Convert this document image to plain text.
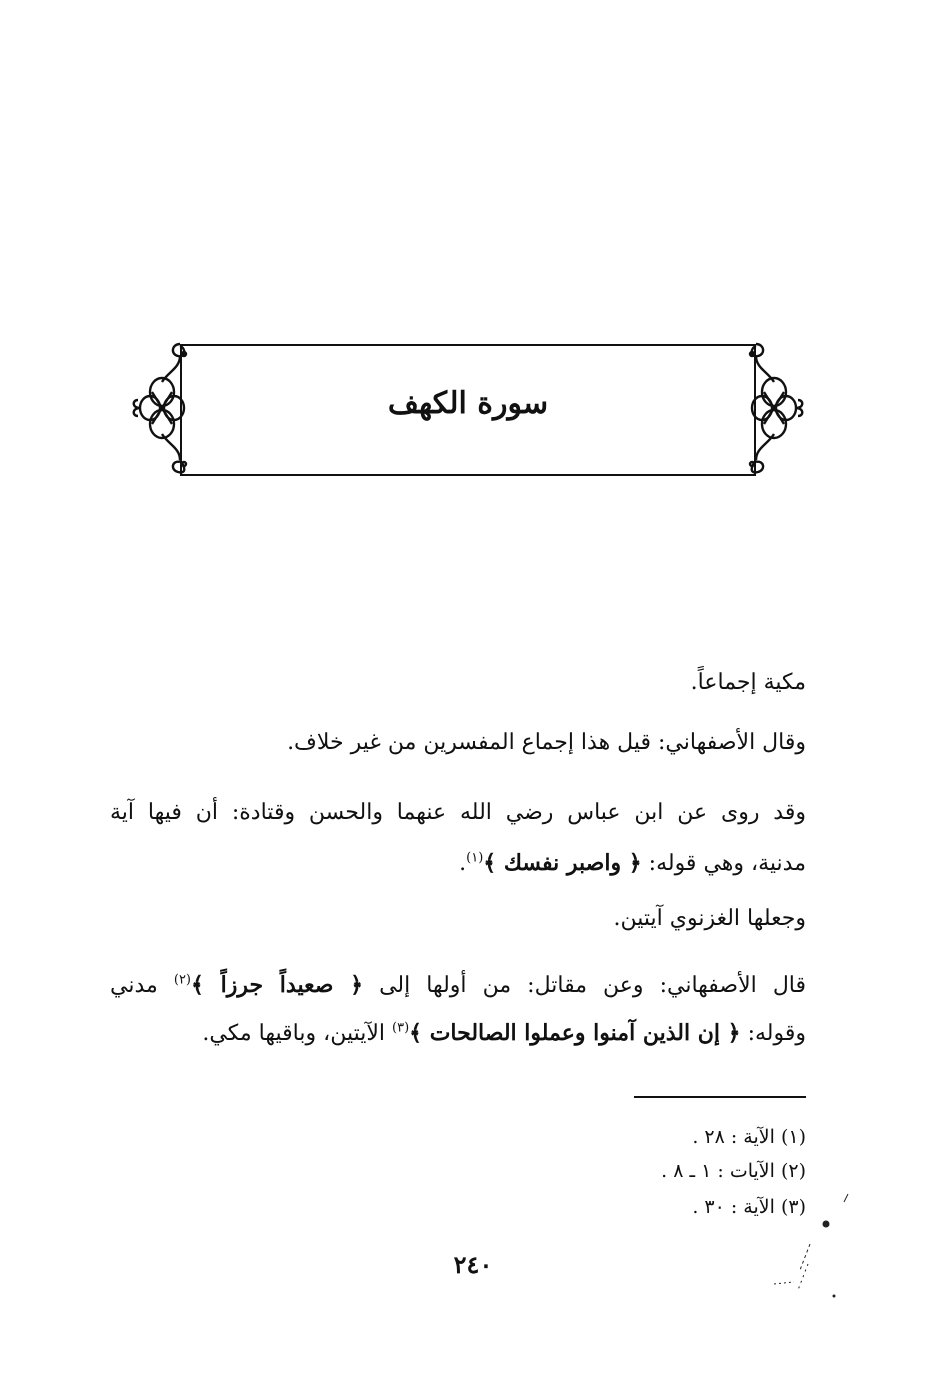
سورة الكهف
مكية إجماعاً.
وقال الأصفهاني: قيل هذا إجماع المفسرين من غير خلاف.
وقد روى عن ابن عباس رضي الله عنهما والحسن وقتادة: أن فيها آية
مدنية، وهي قوله: ﴿ واصبر نفسك ﴾$^{(١)}$.
وجعلها الغزنوي آيتين.
قال الأصفهاني: وعن مقاتل: من أولها إلى ﴿ صعيداً جرزاً ﴾$^{(٢)}$ مدني
وقوله: ﴿ إن الذين آمنوا وعملوا الصالحات ﴾$^{(٣)}$ الآيتين، وباقيها مكي.
(١) الآية : ٢٨ .
(٢) الآيات : ١ ـ ٨ .
(٣) الآية : ٣٠ .
٢٤٠
